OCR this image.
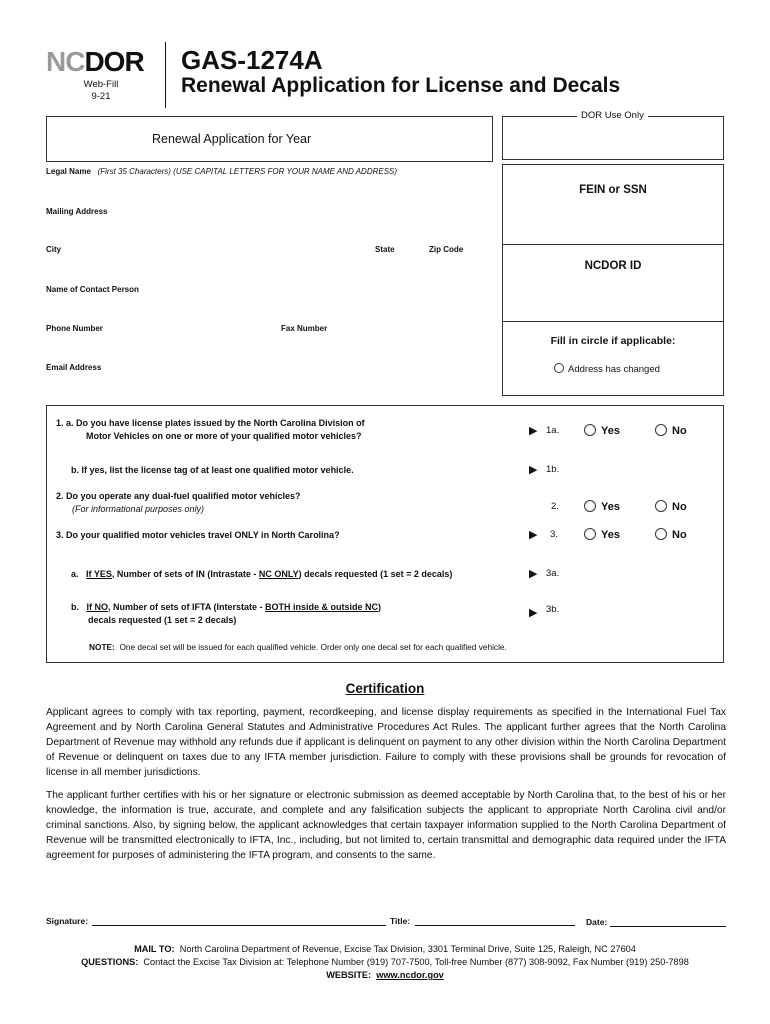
NCDOR
Web-Fill
9-21
GAS-1274A
Renewal Application for License and Decals
Renewal Application for Year
DOR Use Only
Legal Name (First 35 Characters) (USE CAPITAL LETTERS FOR YOUR NAME AND ADDRESS)
Mailing Address
City	State	Zip Code
Name of Contact Person
Phone Number	Fax Number
Email Address
FEIN or SSN
NCDOR ID
Fill in circle if applicable:
Address has changed
1. a. Do you have license plates issued by the North Carolina Division of
Motor Vehicles on one or more of your qualified motor vehicles?	▶ 1a.	Yes	No
b. If yes, list the license tag of at least one qualified motor vehicle.	▶ 1b.
2. Do you operate any dual-fuel qualified motor vehicles?
(For informational purposes only)	2.	Yes	No
3. Do your qualified motor vehicles travel ONLY in North Carolina?	▶ 3.	Yes	No
a. If YES, Number of sets of IN (Intrastate - NC ONLY) decals requested (1 set = 2 decals)	▶ 3a.
b. If NO, Number of sets of IFTA (Interstate - BOTH inside & outside NC)
decals requested (1 set = 2 decals)
▶ 3b.
NOTE: One decal set will be issued for each qualified vehicle. Order only one decal set for each qualified vehicle.
Certification
Applicant agrees to comply with tax reporting, payment, recordkeeping, and license display requirements as specified in the International Fuel Tax Agreement and by North Carolina General Statutes and Administrative Procedures Act Rules. The applicant further agrees that the North Carolina Department of Revenue may withhold any refunds due if applicant is delinquent on payment to any other division within the North Carolina Department of Revenue or delinquent on taxes due to any IFTA member jurisdiction. Failure to comply with these provisions shall be grounds for revocation of license in all member jurisdictions.
The applicant further certifies with his or her signature or electronic submission as deemed acceptable by North Carolina that, to the best of his or her knowledge, the information is true, accurate, and complete and any falsification subjects the applicant to appropriate North Carolina civil and/or criminal sanctions. Also, by signing below, the applicant acknowledges that certain taxpayer information supplied to the North Carolina Department of Revenue will be transmitted electronically to IFTA, Inc., including, but not limited to, certain transmittal and demographic data required under the IFTA agreement for purposes of administering the IFTA program, and consents to the same.
Signature:	Title:	Date:
MAIL TO: North Carolina Department of Revenue, Excise Tax Division, 3301 Terminal Drive, Suite 125, Raleigh, NC 27604
QUESTIONS: Contact the Excise Tax Division at: Telephone Number (919) 707-7500, Toll-free Number (877) 308-9092, Fax Number (919) 250-7898
WEBSITE: www.ncdor.gov
